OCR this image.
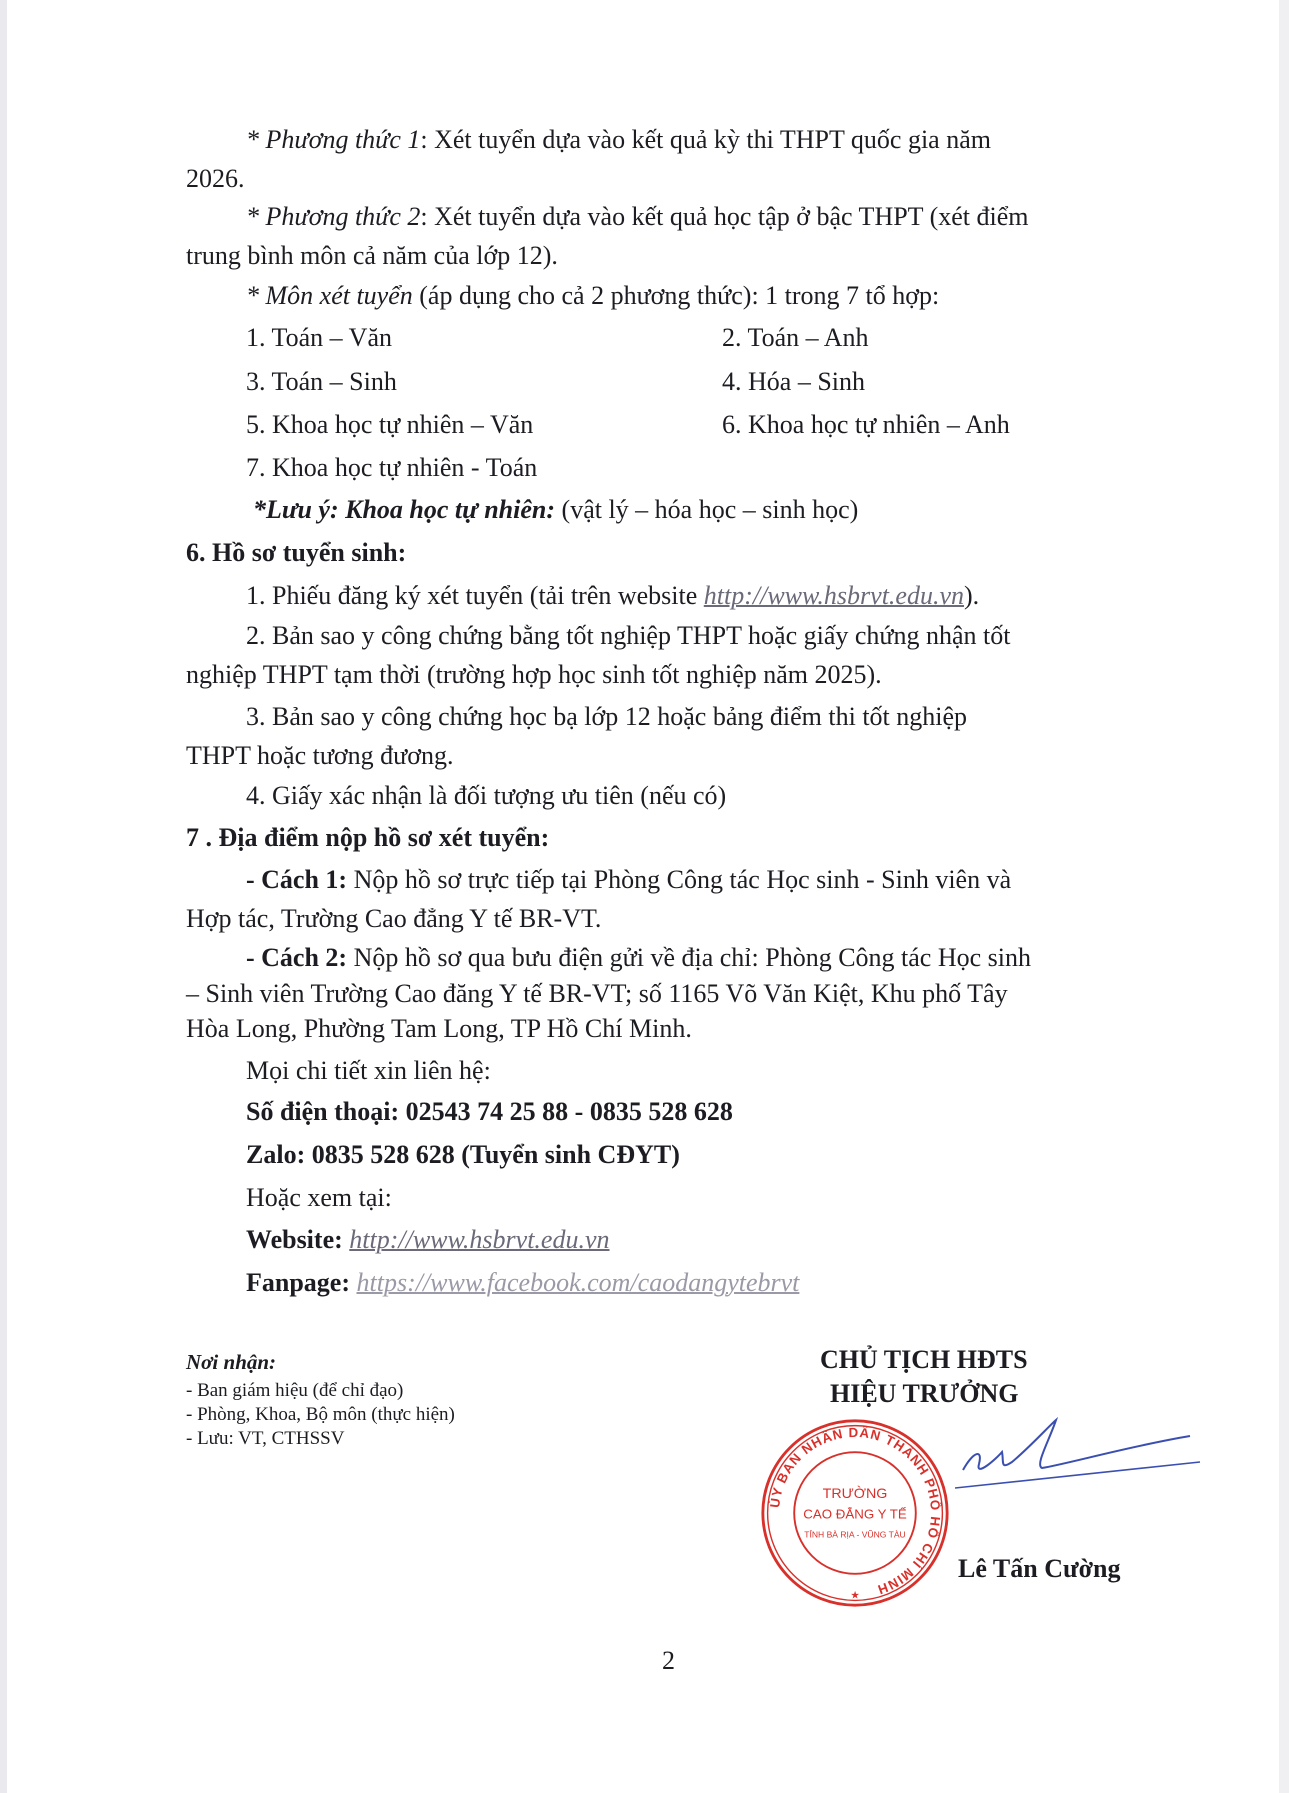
* Phương thức 1: Xét tuyển dựa vào kết quả kỳ thi THPT quốc gia năm
2026.
* Phương thức 2: Xét tuyển dựa vào kết quả học tập ở bậc THPT (xét điểm
trung bình môn cả năm của lớp 12).
* Môn xét tuyển (áp dụng cho cả 2 phương thức): 1 trong 7 tổ hợp:
1. Toán – Văn	2. Toán – Anh
3. Toán – Sinh	4. Hóa – Sinh
5. Khoa học tự nhiên – Văn	6. Khoa học tự nhiên – Anh
7. Khoa học tự nhiên - Toán
*Lưu ý: Khoa học tự nhiên: (vật lý – hóa học – sinh học)
6. Hồ sơ tuyển sinh:
1. Phiếu đăng ký xét tuyển (tải trên website http://www.hsbrvt.edu.vn).
2. Bản sao y công chứng bằng tốt nghiệp THPT hoặc giấy chứng nhận tốt
nghiệp THPT tạm thời (trường hợp học sinh tốt nghiệp năm 2025).
3. Bản sao y công chứng học bạ lớp 12 hoặc bảng điểm thi tốt nghiệp
THPT hoặc tương đương.
4. Giấy xác nhận là đối tượng ưu tiên (nếu có)
7 . Địa điểm nộp hồ sơ xét tuyển:
- Cách 1: Nộp hồ sơ trực tiếp tại Phòng Công tác Học sinh - Sinh viên và
Hợp tác, Trường Cao đẳng Y tế BR-VT.
- Cách 2: Nộp hồ sơ qua bưu điện gửi về địa chỉ: Phòng Công tác Học sinh
– Sinh viên Trường Cao đăng Y tế BR-VT; số 1165 Võ Văn Kiệt, Khu phố Tây
Hòa Long, Phường Tam Long, TP Hồ Chí Minh.
Mọi chi tiết xin liên hệ:
Số điện thoại: 02543 74 25 88 - 0835 528 628
Zalo: 0835 528 628 (Tuyển sinh CĐYT)
Hoặc xem tại:
Website: http://www.hsbrvt.edu.vn
Fanpage: https://www.facebook.com/caodangytebrvt
Nơi nhận:
- Ban giám hiệu (để chỉ đạo)
- Phòng, Khoa, Bộ môn (thực hiện)
- Lưu: VT, CTHSSV
CHỦ TỊCH HĐTS
HIỆU TRƯỞNG
ỦY BAN NHÂN DÂN THÀNH PHỐ HỒ CHÍ MINH
TRƯỜNG
CAO ĐẲNG Y TẾ
TỈNH BÀ RỊA - VŨNG TÀU
★
Lê Tấn Cường
2
